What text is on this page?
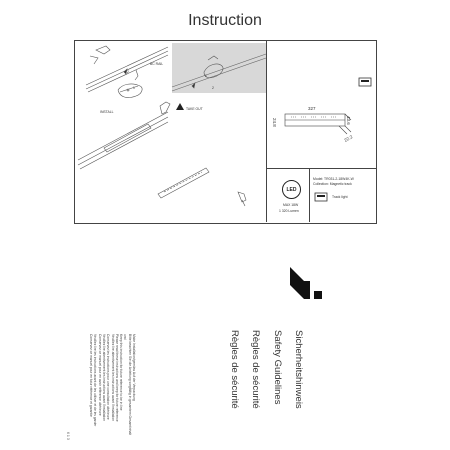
Instruction
BC RAIL
INSTALL
TAKE OUT
2
1	2
1
327
24.8	43.6
22.2
LED
MAX 18W
1 320 Lumen
Model: TR031-2-18W4K-W
Collection: Magnetic track
Track light
Sicherheitshinweis
Safety Guidelines
Règles de sécurité
Règles de sécurité
Make Installation/gemäss Auf der Verpackung
Bitte beachten Sie die Anleitung sorgfältig in gesamtem Gesamtinhalt
und
Keep this instruction for future reference to be in line
Please read these instructions and keep for future reference
Veuillez lire attentivement les instructions avant l'installation
Conservez les instructions pour une consultation ultérieure
Veuillez lire attentivement les instructions avant l'installation
Conservez ce manuel pour en avoir référence ultérieure
Veuillez lire les instructions avant de les utiliser et de les garder
Conservez ce manuel pour en futur référence et garantie
6 1 3
